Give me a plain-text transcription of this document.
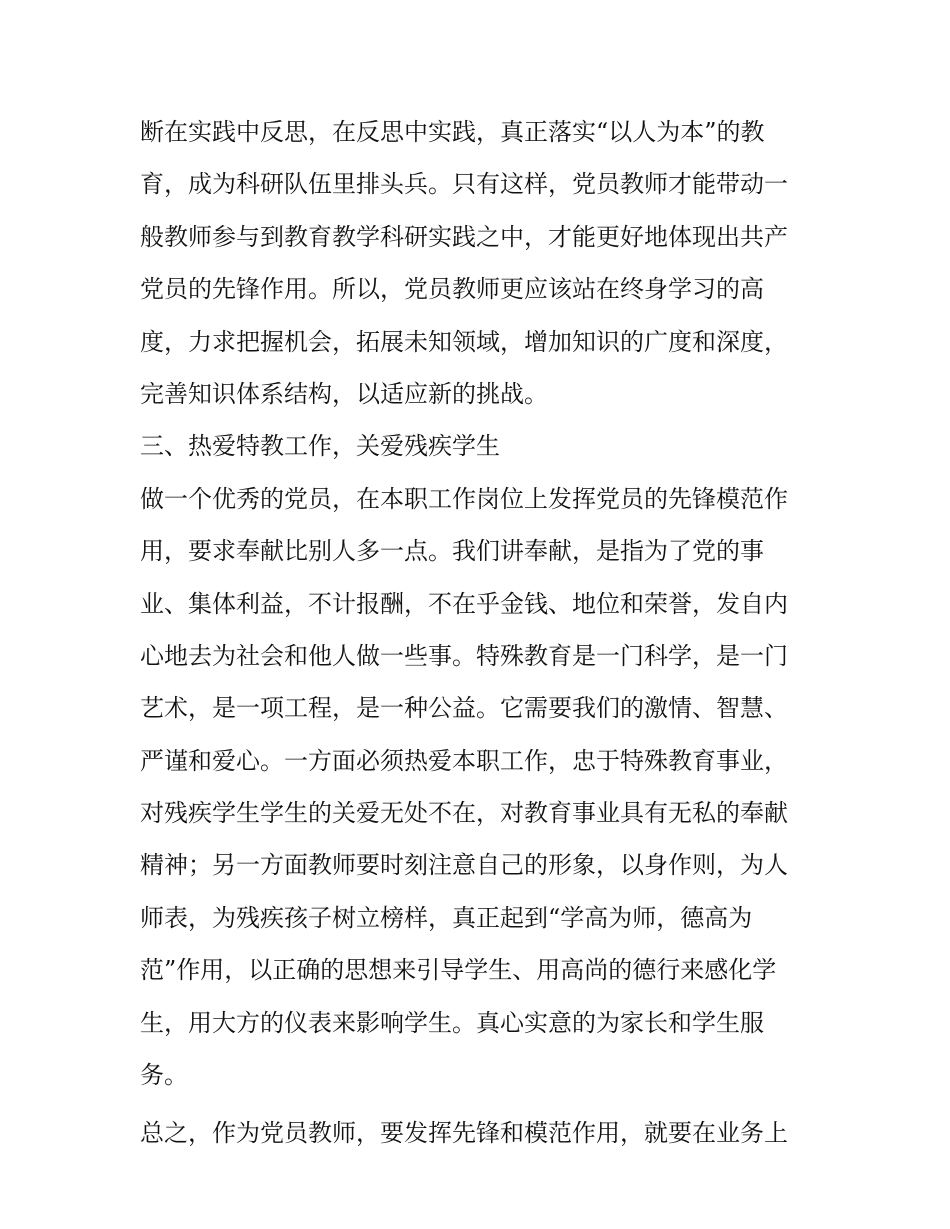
断在实践中反思，在反思中实践，真正落实“以人为本”的教
育，成为科研队伍里排头兵。只有这样，党员教师才能带动一
般教师参与到教育教学科研实践之中，才能更好地体现出共产
党员的先锋作用。所以，党员教师更应该站在终身学习的高
度，力求把握机会，拓展未知领域，增加知识的广度和深度，
完善知识体系结构，以适应新的挑战。
三、热爱特教工作，关爱残疾学生
做一个优秀的党员，在本职工作岗位上发挥党员的先锋模范作
用，要求奉献比别人多一点。我们讲奉献，是指为了党的事
业、集体利益，不计报酬，不在乎金钱、地位和荣誉，发自内
心地去为社会和他人做一些事。特殊教育是一门科学，是一门
艺术，是一项工程，是一种公益。它需要我们的激情、智慧、
严谨和爱心。一方面必须热爱本职工作，忠于特殊教育事业，
对残疾学生学生的关爱无处不在，对教育事业具有无私的奉献
精神；另一方面教师要时刻注意自己的形象，以身作则，为人
师表，为残疾孩子树立榜样，真正起到“学高为师，德高为
范”作用，以正确的思想来引导学生、用高尚的德行来感化学
生，用大方的仪表来影响学生。真心实意的为家长和学生服
务。
总之，作为党员教师，要发挥先锋和模范作用，就要在业务上
